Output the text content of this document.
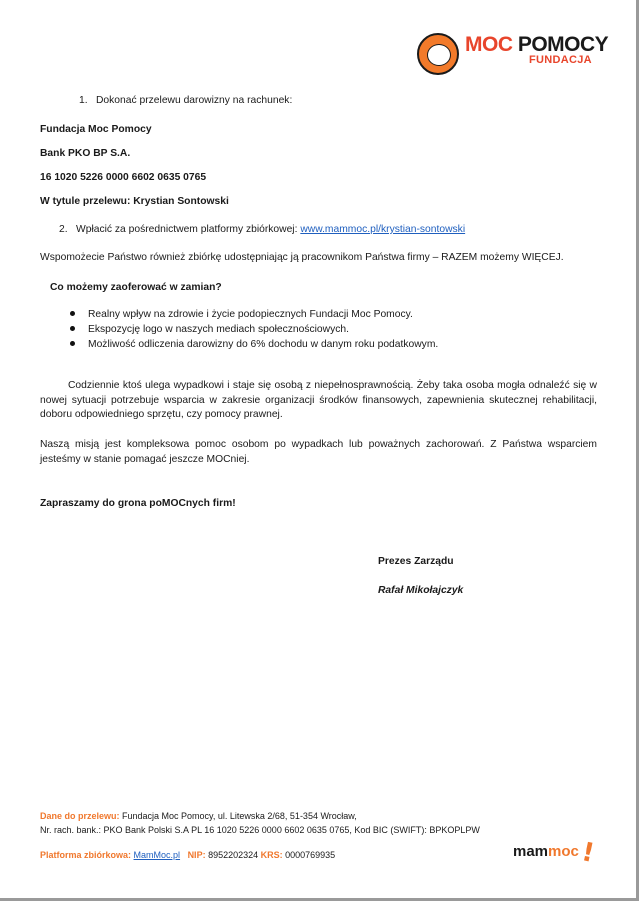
MOC POMOCY
FUNDACJA
1. Dokonać przelewu darowizny na rachunek:
Fundacja Moc Pomocy
Bank PKO BP S.A.
16 1020 5226 0000 6602 0635 0765
W tytule przelewu: Krystian Sontowski
2. Wpłacić za pośrednictwem platformy zbiórkowej: www.mammoc.pl/krystian-sontowski
Wspomożecie Państwo również zbiórkę udostępniając ją pracownikom Państwa firmy – RAZEM możemy WIĘCEJ.
Co możemy zaoferować w zamian?
Realny wpływ na zdrowie i życie podopiecznych Fundacji Moc Pomocy.
Ekspozycję logo w naszych mediach społecznościowych.
Możliwość odliczenia darowizny do 6% dochodu w danym roku podatkowym.
Codziennie ktoś ulega wypadkowi i staje się osobą z niepełnosprawnością. Żeby taka osoba mogła odnaleźć się w nowej sytuacji potrzebuje wsparcia w zakresie organizacji środków finansowych, zapewnienia skutecznej rehabilitacji, doboru odpowiedniego sprzętu, czy pomocy prawnej.
Naszą misją jest kompleksowa pomoc osobom po wypadkach lub poważnych zachorowań. Z Państwa wsparciem jesteśmy w stanie pomagać jeszcze MOCniej.
Zapraszamy do grona poMOCnych firm!
Prezes Zarządu
Rafał Mikołajczyk
Dane do przelewu: Fundacja Moc Pomocy, ul. Litewska 2/68, 51-354 Wrocław,
Nr. rach. bank.: PKO Bank Polski S.A PL 16 1020 5226 0000 6602 0635 0765, Kod BIC (SWIFT): BPKOPLPW
Platforma zbiórkowa: MamMoc.pl NIP: 8952202324 KRS: 0000769935	mammoc !
